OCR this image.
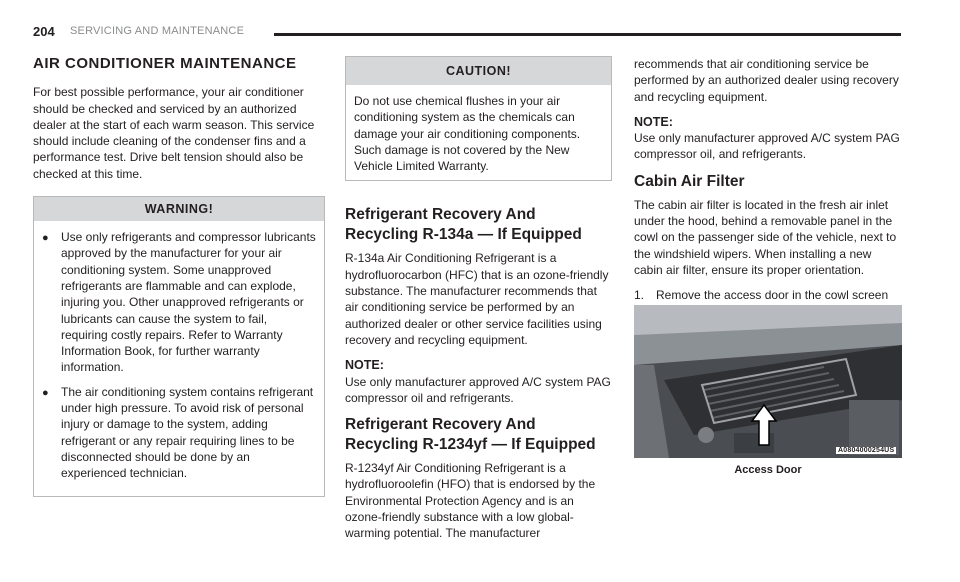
204 SERVICING AND MAINTENANCE
AIR CONDITIONER MAINTENANCE

For best possible performance, your air conditioner should be checked and serviced by an authorized dealer at the start of each warm season. This service should include cleaning of the condenser fins and a performance test. Drive belt tension should also be checked at this time.

WARNING!
●	Use only refrigerants and compressor lubricants approved by the manufacturer for your air conditioning system. Some unapproved refrigerants are flammable and can explode, injuring you. Other unapproved refrigerants or lubricants can cause the system to fail, requiring costly repairs. Refer to Warranty Information Book, for further warranty information.
●	The air conditioning system contains refrigerant under high pressure. To avoid risk of personal injury or damage to the system, adding refrigerant or any repair requiring lines to be disconnected should be done by an experienced technician.
CAUTION!
Do not use chemical flushes in your air conditioning system as the chemicals can damage your air conditioning components. Such damage is not covered by the New Vehicle Limited Warranty.
Refrigerant Recovery And Recycling R-134a — If Equipped

R-134a Air Conditioning Refrigerant is a hydrofluorocarbon (HFC) that is an ozone-friendly substance. The manufacturer recommends that air conditioning service be performed by an authorized dealer or other service facilities using recovery and recycling equipment.

NOTE:

Use only manufacturer approved A/C system PAG compressor oil and refrigerants.

Refrigerant Recovery And Recycling R-1234yf — If Equipped

R-1234yf Air Conditioning Refrigerant is a hydrofluoroolefin (HFO) that is endorsed by the Environmental Protection Agency and is an ozone-friendly substance with a low global-warming potential. The manufacturer

recommends that air conditioning service be performed by an authorized dealer using recovery and recycling equipment.

NOTE:

Use only manufacturer approved A/C system PAG compressor oil, and refrigerants.

Cabin Air Filter

The cabin air filter is located in the fresh air inlet under the hood, behind a removable panel in the cowl on the passenger side of the vehicle, next to the windshield wipers. When installing a new cabin air filter, ensure its proper orientation.

1. Remove the access door in the cowl screen
A0804000254US
Access Door
